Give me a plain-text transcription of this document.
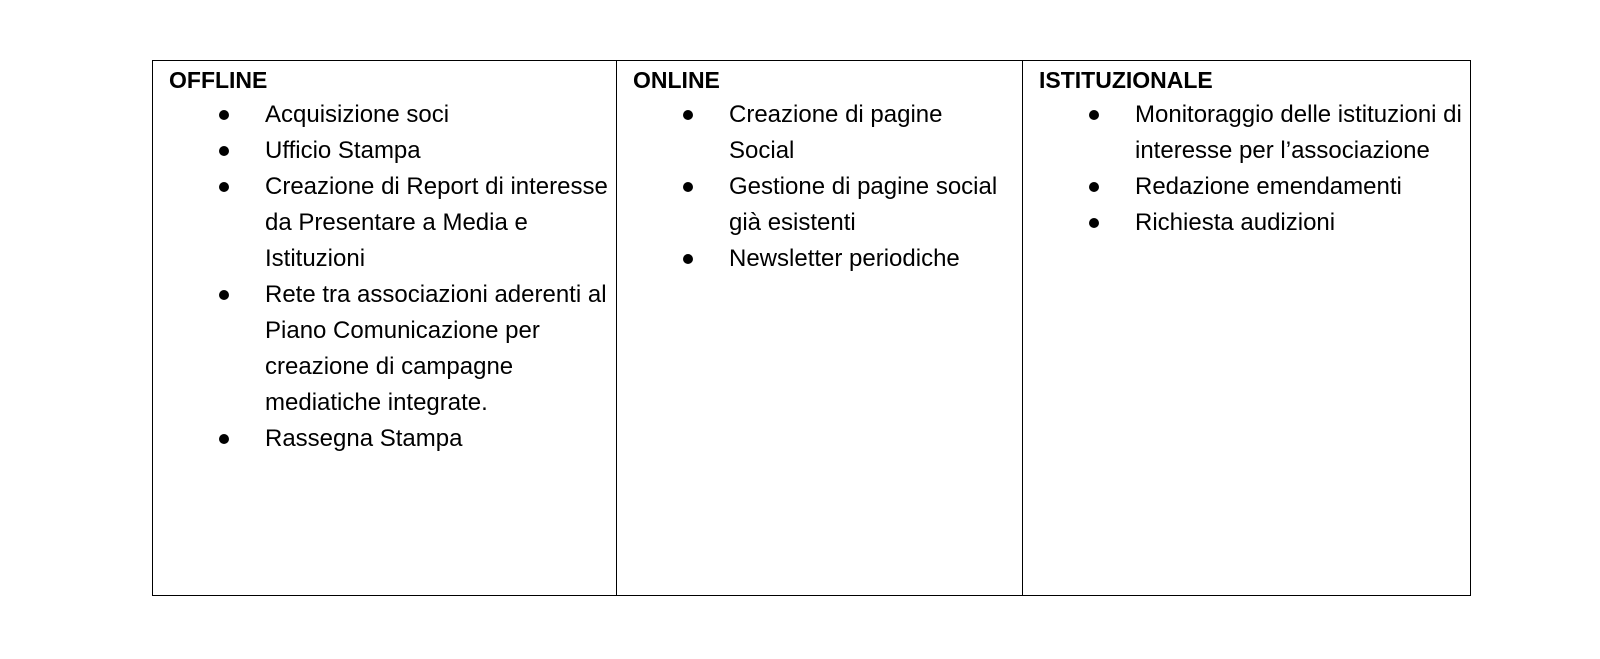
OFFLINE
Acquisizione soci
Ufficio Stampa
Creazione di Report di interesse da Presentare a Media e Istituzioni
Rete tra associazioni aderenti al Piano Comunicazione per creazione di campagne mediatiche integrate.
Rassegna Stampa

ONLINE
Creazione di pagine Social
Gestione di pagine social già esistenti
Newsletter periodiche

ISTITUZIONALE
Monitoraggio delle istituzioni di interesse per l’associazione
Redazione emendamenti
Richiesta audizioni
